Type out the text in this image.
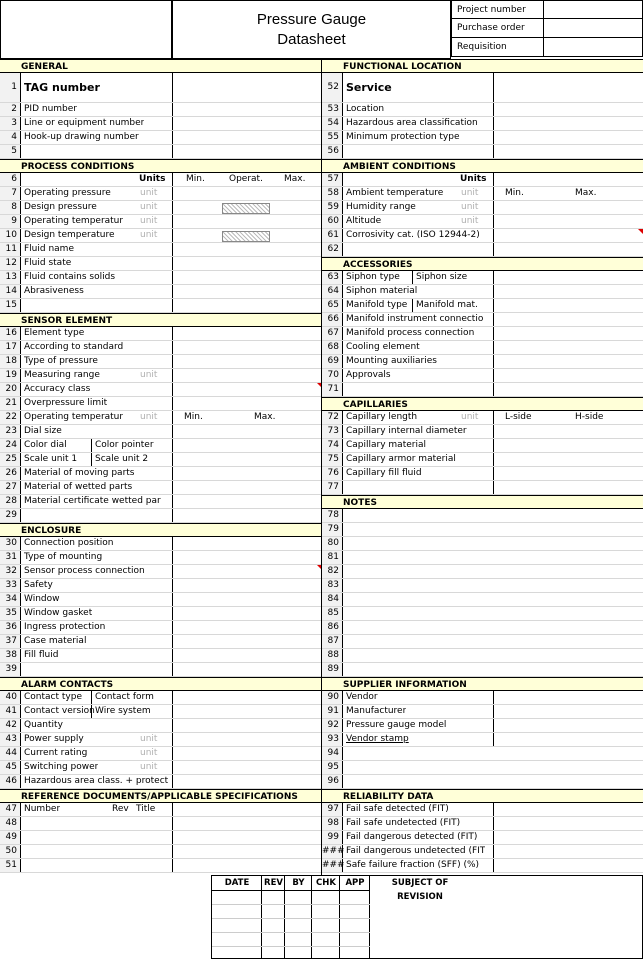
Pressure Gauge
Datasheet
Project number
Purchase order
Requisition
GENERAL
1 TAG number
2 PID number
3 Line or equipment number
4 Hook-up drawing number
5
PROCESS CONDITIONS
6	Units Min.	Operat. Max.
7 Operating pressure	unit
8 Design pressure	unit
9 Operating temperatur unit
10 Design temperature	unit
11 Fluid name
12 Fluid state
13 Fluid contains solids
14 Abrasiveness
15
SENSOR ELEMENT
16 Element type
17 According to standard
18 Type of pressure
19 Measuring range	unit
20 Accuracy class
21 Overpressure limit
22 Operating temperatur unit	Min.	Max.
23 Dial size
24 Color dial	Color pointer
25 Scale unit 1 Scale unit 2
26 Material of moving parts
27 Material of wetted parts
28 Material certificate wetted par
29
ENCLOSURE
30 Connection position
31 Type of mounting
32 Sensor process connection
33 Safety
34 Window
35 Window gasket
36 Ingress protection
37 Case material
38 Fill fluid
39
ALARM CONTACTS
40 Contact type Contact form
41 Contact version Wire system
42 Quantity
43 Power supply	unit
44 Current rating	unit
45 Switching power	unit
46 Hazardous area class. + protect
REFERENCE DOCUMENTS/APPLICABLE SPECIFICATIONS
47 Number	Rev Title
48
49
50
51
FUNCTIONAL LOCATION
52 Service
53 Location
54 Hazardous area classification
55 Minimum protection type
56
AMBIENT CONDITIONS
57	Units
58 Ambient temperature unit	Min.	Max.
59 Humidity range	unit
60 Altitude	unit
61 Corrosivity cat. (ISO 12944-2)
62
ACCESSORIES
63 Siphon type Siphon size
64 Siphon material
65 Manifold type Manifold mat.
66 Manifold instrument connectio
67 Manifold process connection
68 Cooling element
69 Mounting auxiliaries
70 Approvals
71
CAPILLARIES
72 Capillary length	unit	L-side	H-side
73 Capillary internal diameter
74 Capillary material
75 Capillary armor material
76 Capillary fill fluid
77
NOTES
78
79
80
81
82
83
84
85
86
87
88
89
SUPPLIER INFORMATION
90 Vendor
91 Manufacturer
92 Pressure gauge model
93 Vendor stamp
94
95
96
RELIABILITY DATA
97 Fail safe detected (FIT)
98 Fail safe undetected (FIT)
99 Fail dangerous detected (FIT)
### Fail dangerous undetected (FIT
### Safe failure fraction (SFF) (%)
DATE	REV	BY	CHK	APP	SUBJECT OF REVISION
